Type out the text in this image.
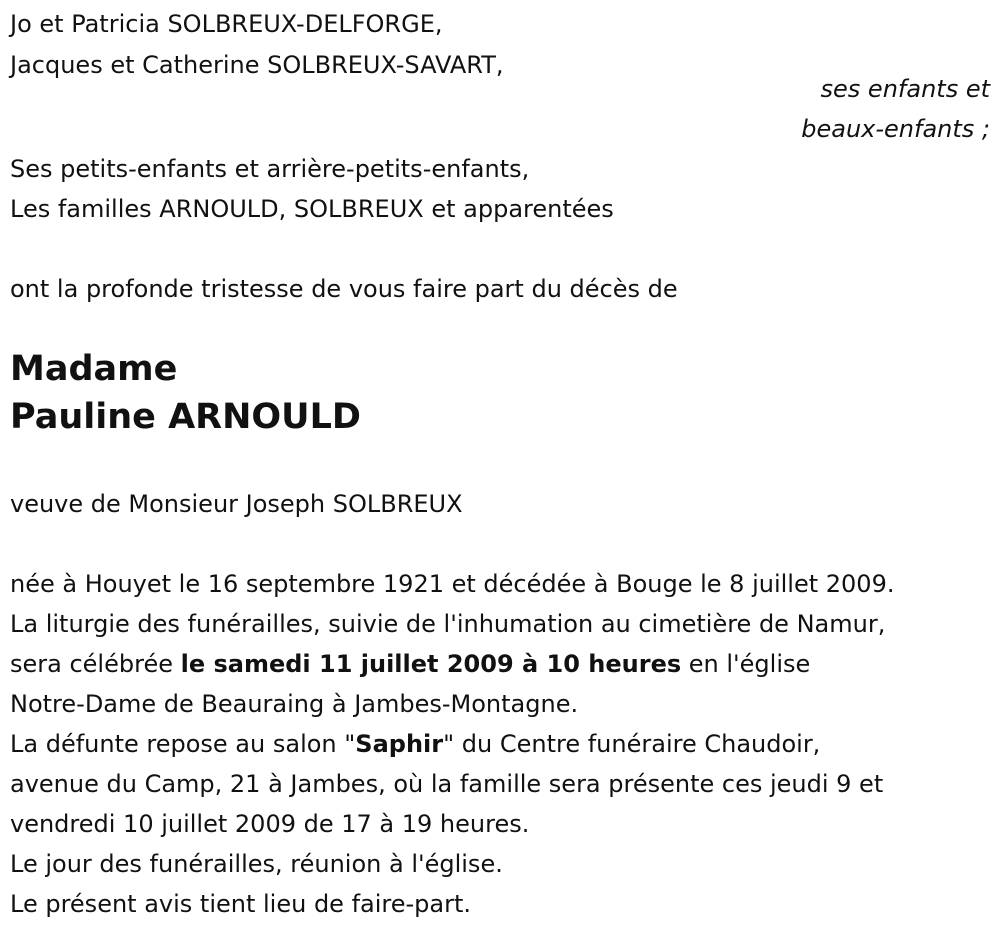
Jo et Patricia SOLBREUX-DELFORGE,
Jacques et Catherine SOLBREUX-SAVART,
ses enfants et
beaux-enfants ;
Ses petits-enfants et arrière-petits-enfants,
Les familles ARNOULD, SOLBREUX et apparentées
ont la profonde tristesse de vous faire part du décès de
Madame
Pauline ARNOULD
veuve de Monsieur Joseph SOLBREUX
née à Houyet le 16 septembre 1921 et décédée à Bouge le 8 juillet 2009.
La liturgie des funérailles, suivie de l'inhumation au cimetière de Namur,
sera célébrée le samedi 11 juillet 2009 à 10 heures en l'église
Notre-Dame de Beauraing à Jambes-Montagne.
La défunte repose au salon "Saphir" du Centre funéraire Chaudoir,
avenue du Camp, 21 à Jambes, où la famille sera présente ces jeudi 9 et
vendredi 10 juillet 2009 de 17 à 19 heures.
Le jour des funérailles, réunion à l'église.
Le présent avis tient lieu de faire-part.
